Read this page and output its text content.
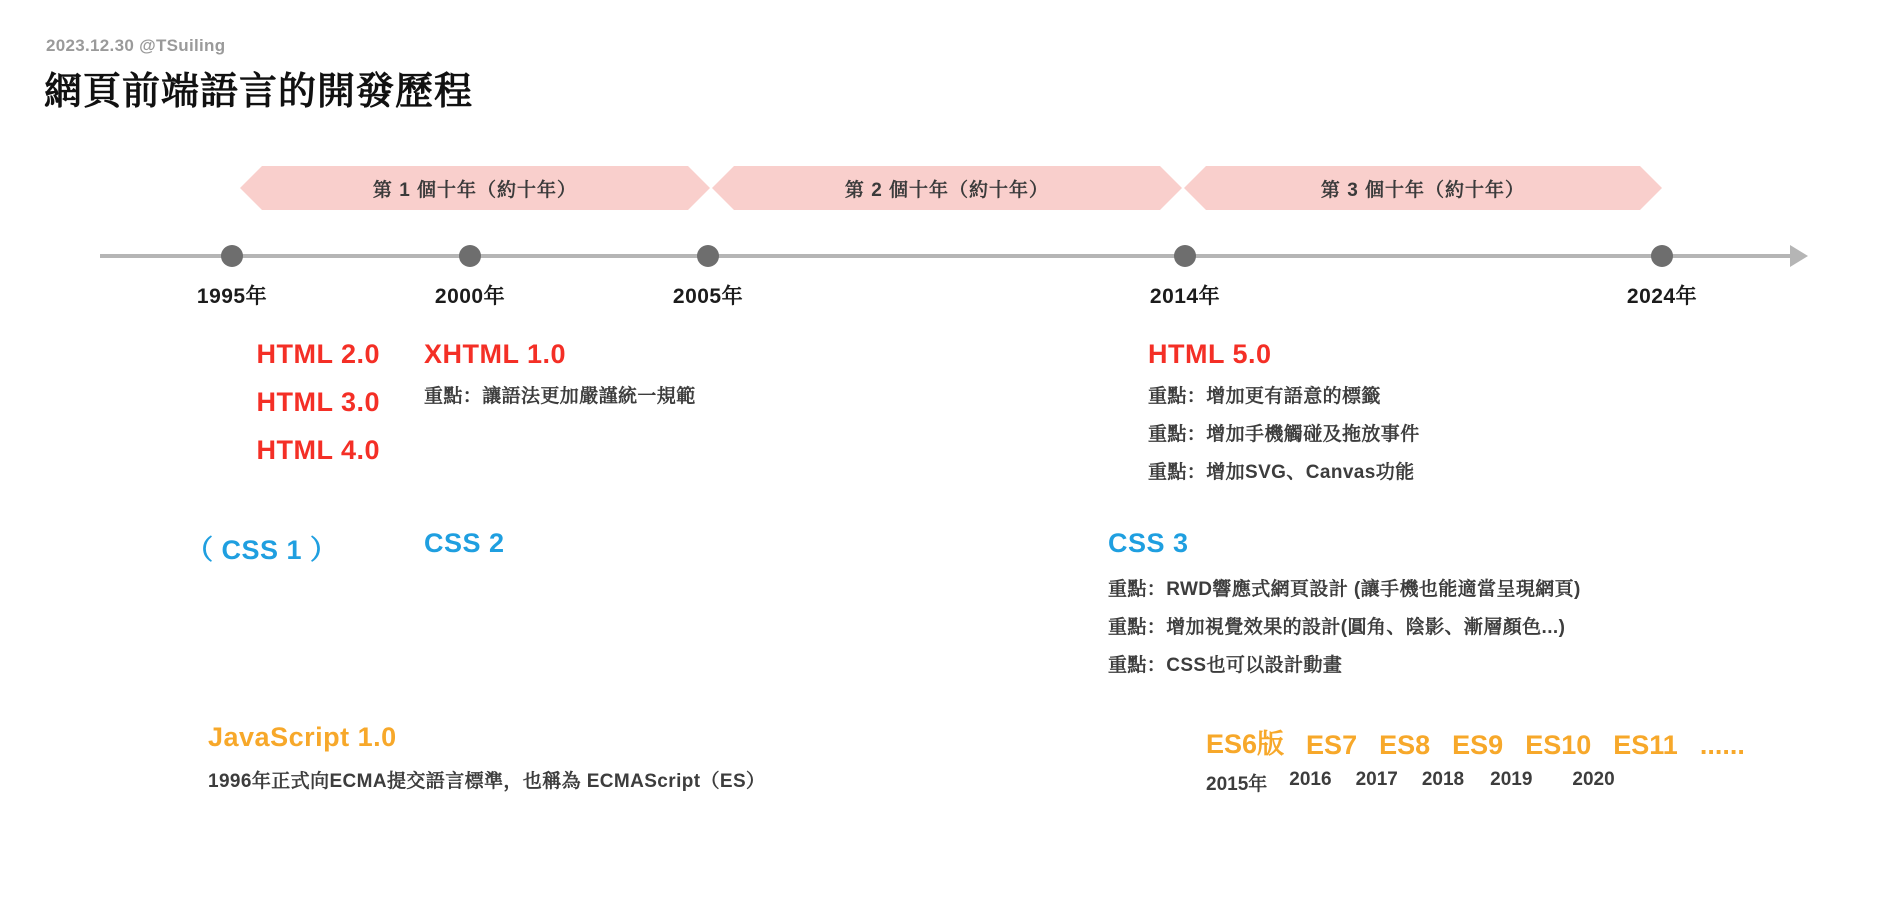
2023.12.30 @TSuiling
網頁前端語言的開發歷程
第 1 個十年（約十年）	第 2 個十年（約十年）	第 3 個十年（約十年）
1995年	2000年	2005年	2014年	2024年
HTML 2.0
HTML 3.0
HTML 4.0
XHTML 1.0
重點：讓語法更加嚴謹統一規範
HTML 5.0
重點：增加更有語意的標籤
重點：增加手機觸碰及拖放事件
重點：增加SVG、Canvas功能
（ CSS 1 ）	CSS 2	CSS 3
重點：RWD響應式網頁設計 (讓手機也能適當呈現網頁)
重點：增加視覺效果的設計(圓角、陰影、漸層顏色...)
重點：CSS也可以設計動畫
JavaScript 1.0
1996年正式向ECMA提交語言標準，也稱為 ECMAScript（ES）
ES6版 ES7 ES8 ES9 ES10 ES11 ......
2015年 2016 2017 2018 2019 2020
